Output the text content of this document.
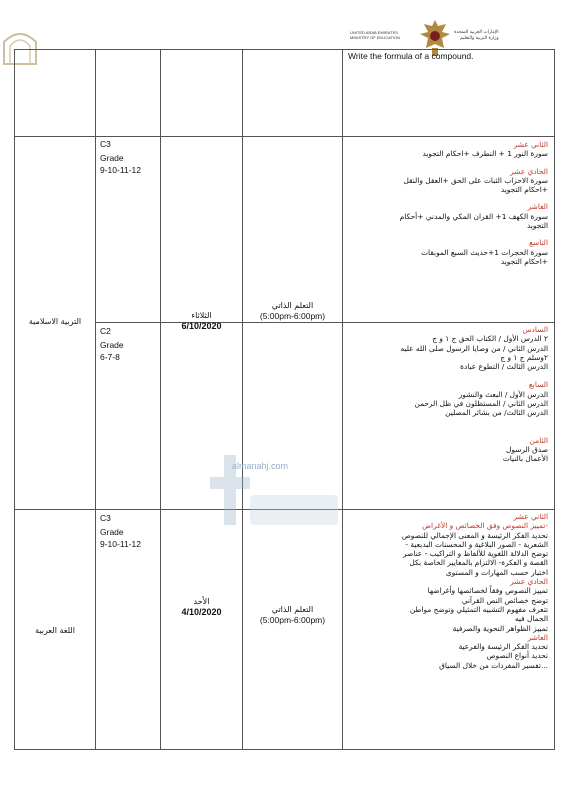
UNITED ARAB EMIRATES
MINISTRY OF EDUCATION
الإمارات العربية المتحدة
وزارة التربية والتعليم
Write the formula of a compound.
التربية الاسلامية
C3
Grade
9-10-11-12
C2
Grade
6-7-8
الثلاثاء
6/10/2020
التعلم الذاتي
(5:00pm-6:00pm)
الثاني عشر
سورة النور 1 + النطرف +احكام التجويد
الحادي عشر
سورة الاحزاب الثبات على الحق +العقل والنقل
+احكام التجويد
العاشر
سورة الكهف 1+ القران المكي والمدني +أحكام
التجويد
التاسع
سورة الحجرات 1+حديث السبع الموبقات
+احكام التجويد
السادس
٢ الدرس الأول / الكتاب الحق ج ١ و ج
الدرس الثاني / من وصايا الرسول صلى الله عليه
٢وسلم ج ١ و ج
الدرس الثالث / التطوع عبادة
السابع
الدرس الأول / البعث والنشور
الدرس الثاني / المستظلون في ظل الرحمن
الدرس الثالث/ من بشائر المصلين
الثامن
صدق الرسول
الأعمال بالنيات
اللغة العربية
C3
Grade
9-10-11-12
الأحد
4/10/2020	التعلم الذاتي
(5:00pm-6:00pm)
الثاني عشر
-تمييز النصوص وفق الخصائص و الأغراض
تحديد الفكر الرئيسة و المعنى الإجمالي للنصوص
الشعرية - الصور البلاغية و المحسنات البديعية -
توضح الدلالة اللغوية للألفاظ و التراكيب - عناصر
القصة و الفكرة- الالتزام بالمعايير الخاصة بكل
اختبار حسب المهارات و المستوى
الحادي عشر
تمييز النصوص وفقاً لخصائصها وأغراضها
توضح خصائص النص القرآني
تتعرف مفهوم التشبيه التمثيلي وتوضح مواطن
الجمال فيه
تمييز الظواهر النحوية والصرفية
العاشر
تحديد الفكر الرئيسة والفرعية
تحديد أنواع النصوص
...تفسير المفردات من خلال السياق
almanahj.com
